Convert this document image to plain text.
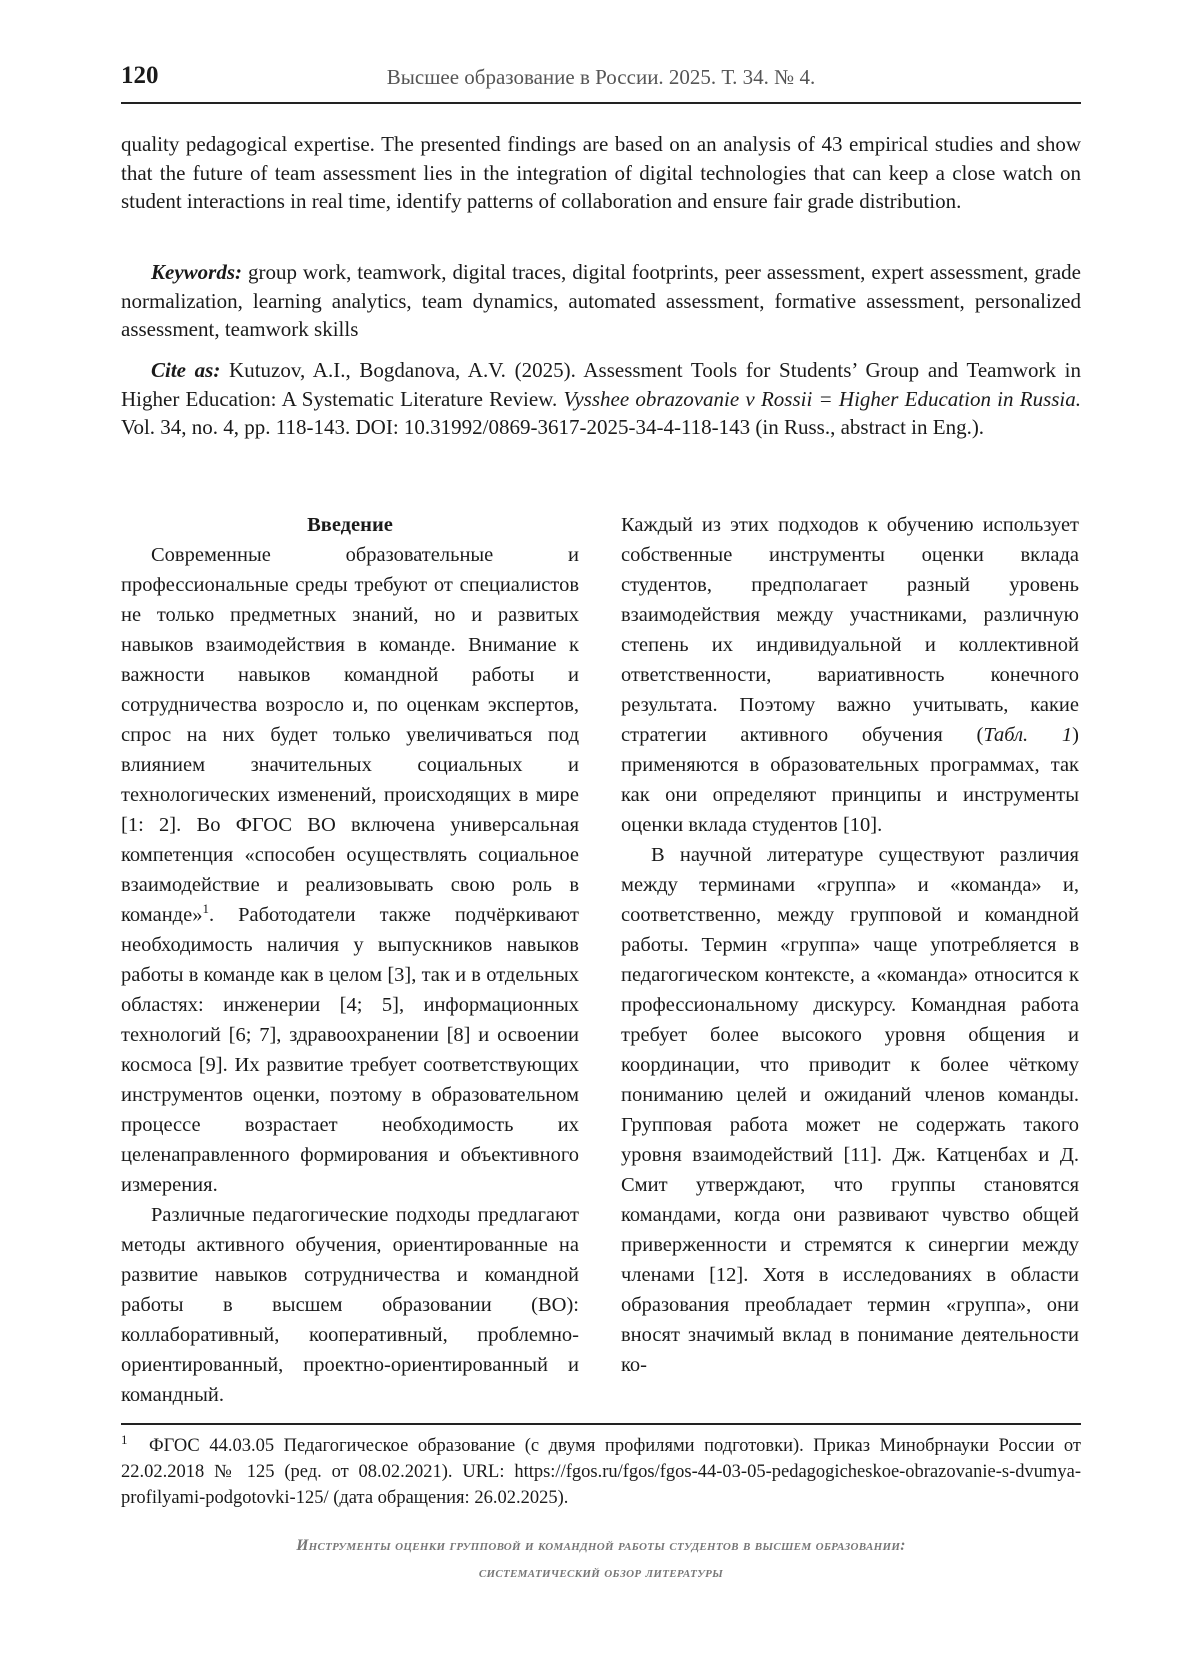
120	Высшее образование в России. 2025. Т. 34. № 4.

quality pedagogical expertise. The presented findings are based on an analysis of 43 empirical studies and show that the future of team assessment lies in the integration of digital technologies that can keep a close watch on student interactions in real time, identify patterns of collaboration and ensure fair grade distribution.

Keywords: group work, teamwork, digital traces, digital footprints, peer assessment, expert assessment, grade normalization, learning analytics, team dynamics, automated assessment, formative assessment, personalized assessment, teamwork skills

Cite as: Kutuzov, A.I., Bogdanova, A.V. (2025). Assessment Tools for Students’ Group and Teamwork in Higher Education: A Systematic Literature Review. Vysshee obrazovanie v Rossii = Higher Education in Russia. Vol. 34, no. 4, pp. 118-143. DOI: 10.31992/0869-3617-2025-34-4-118-143 (in Russ., abstract in Eng.).

Введение

Современные образовательные и профессиональные среды требуют от специалистов не только предметных знаний, но и развитых навыков взаимодействия в команде. Внимание к важности навыков командной работы и сотрудничества возросло и, по оценкам экспертов, спрос на них будет только увеличиваться под влиянием значительных социальных и технологических изменений, происходящих в мире [1: 2]. Во ФГОС ВО включена универсальная компетенция «способен осуществлять социальное взаимодействие и реализовывать свою роль в команде»$^1$. Работодатели также подчёркивают необходимость наличия у выпускников навыков работы в команде как в целом [3], так и в отдельных областях: инженерии [4; 5], информационных технологий [6; 7], здравоохранении [8] и освоении космоса [9]. Их развитие требует соответствующих инструментов оценки, поэтому в образовательном процессе возрастает необходимость их целенаправленного формирования и объективного измерения.

Различные педагогические подходы предлагают методы активного обучения, ориентированные на развитие навыков сотрудничества и командной работы в высшем образовании (ВО): коллаборативный, кооперативный, проблемно-ориентированный, проектно-ориентированный и командный.

Каждый из этих подходов к обучению использует собственные инструменты оценки вклада студентов, предполагает разный уровень взаимодействия между участниками, различную степень их индивидуальной и коллективной ответственности, вариативность конечного результата. Поэтому важно учитывать, какие стратегии активного обучения (Табл. 1) применяются в образовательных программах, так как они определяют принципы и инструменты оценки вклада студентов [10].

В научной литературе существуют различия между терминами «группа» и «команда» и, соответственно, между групповой и командной работы. Термин «группа» чаще употребляется в педагогическом контексте, а «команда» относится к профессиональному дискурсу. Командная работа требует более высокого уровня общения и координации, что приводит к более чёткому пониманию целей и ожиданий членов команды. Групповая работа может не содержать такого уровня взаимодействий [11]. Дж. Катценбах и Д. Смит утверждают, что группы становятся командами, когда они развивают чувство общей приверженности и стремятся к синергии между членами [12]. Хотя в исследованиях в области образования преобладает термин «группа», они вносят значимый вклад в понимание деятельности ко-

1 ФГОС 44.03.05 Педагогическое образование (с двумя профилями подготовки). Приказ Минобрнауки России от 22.02.2018 № 125 (ред. от 08.02.2021). URL: https://fgos.ru/fgos/fgos-44-03-05-pedagogicheskoe-obrazovanie-s-dvumya-profilyami-podgotovki-125/ (дата обращения: 26.02.2025).

Инструменты оценки групповой и командной работы студентов в высшем образовании:
систематический обзор литературы
